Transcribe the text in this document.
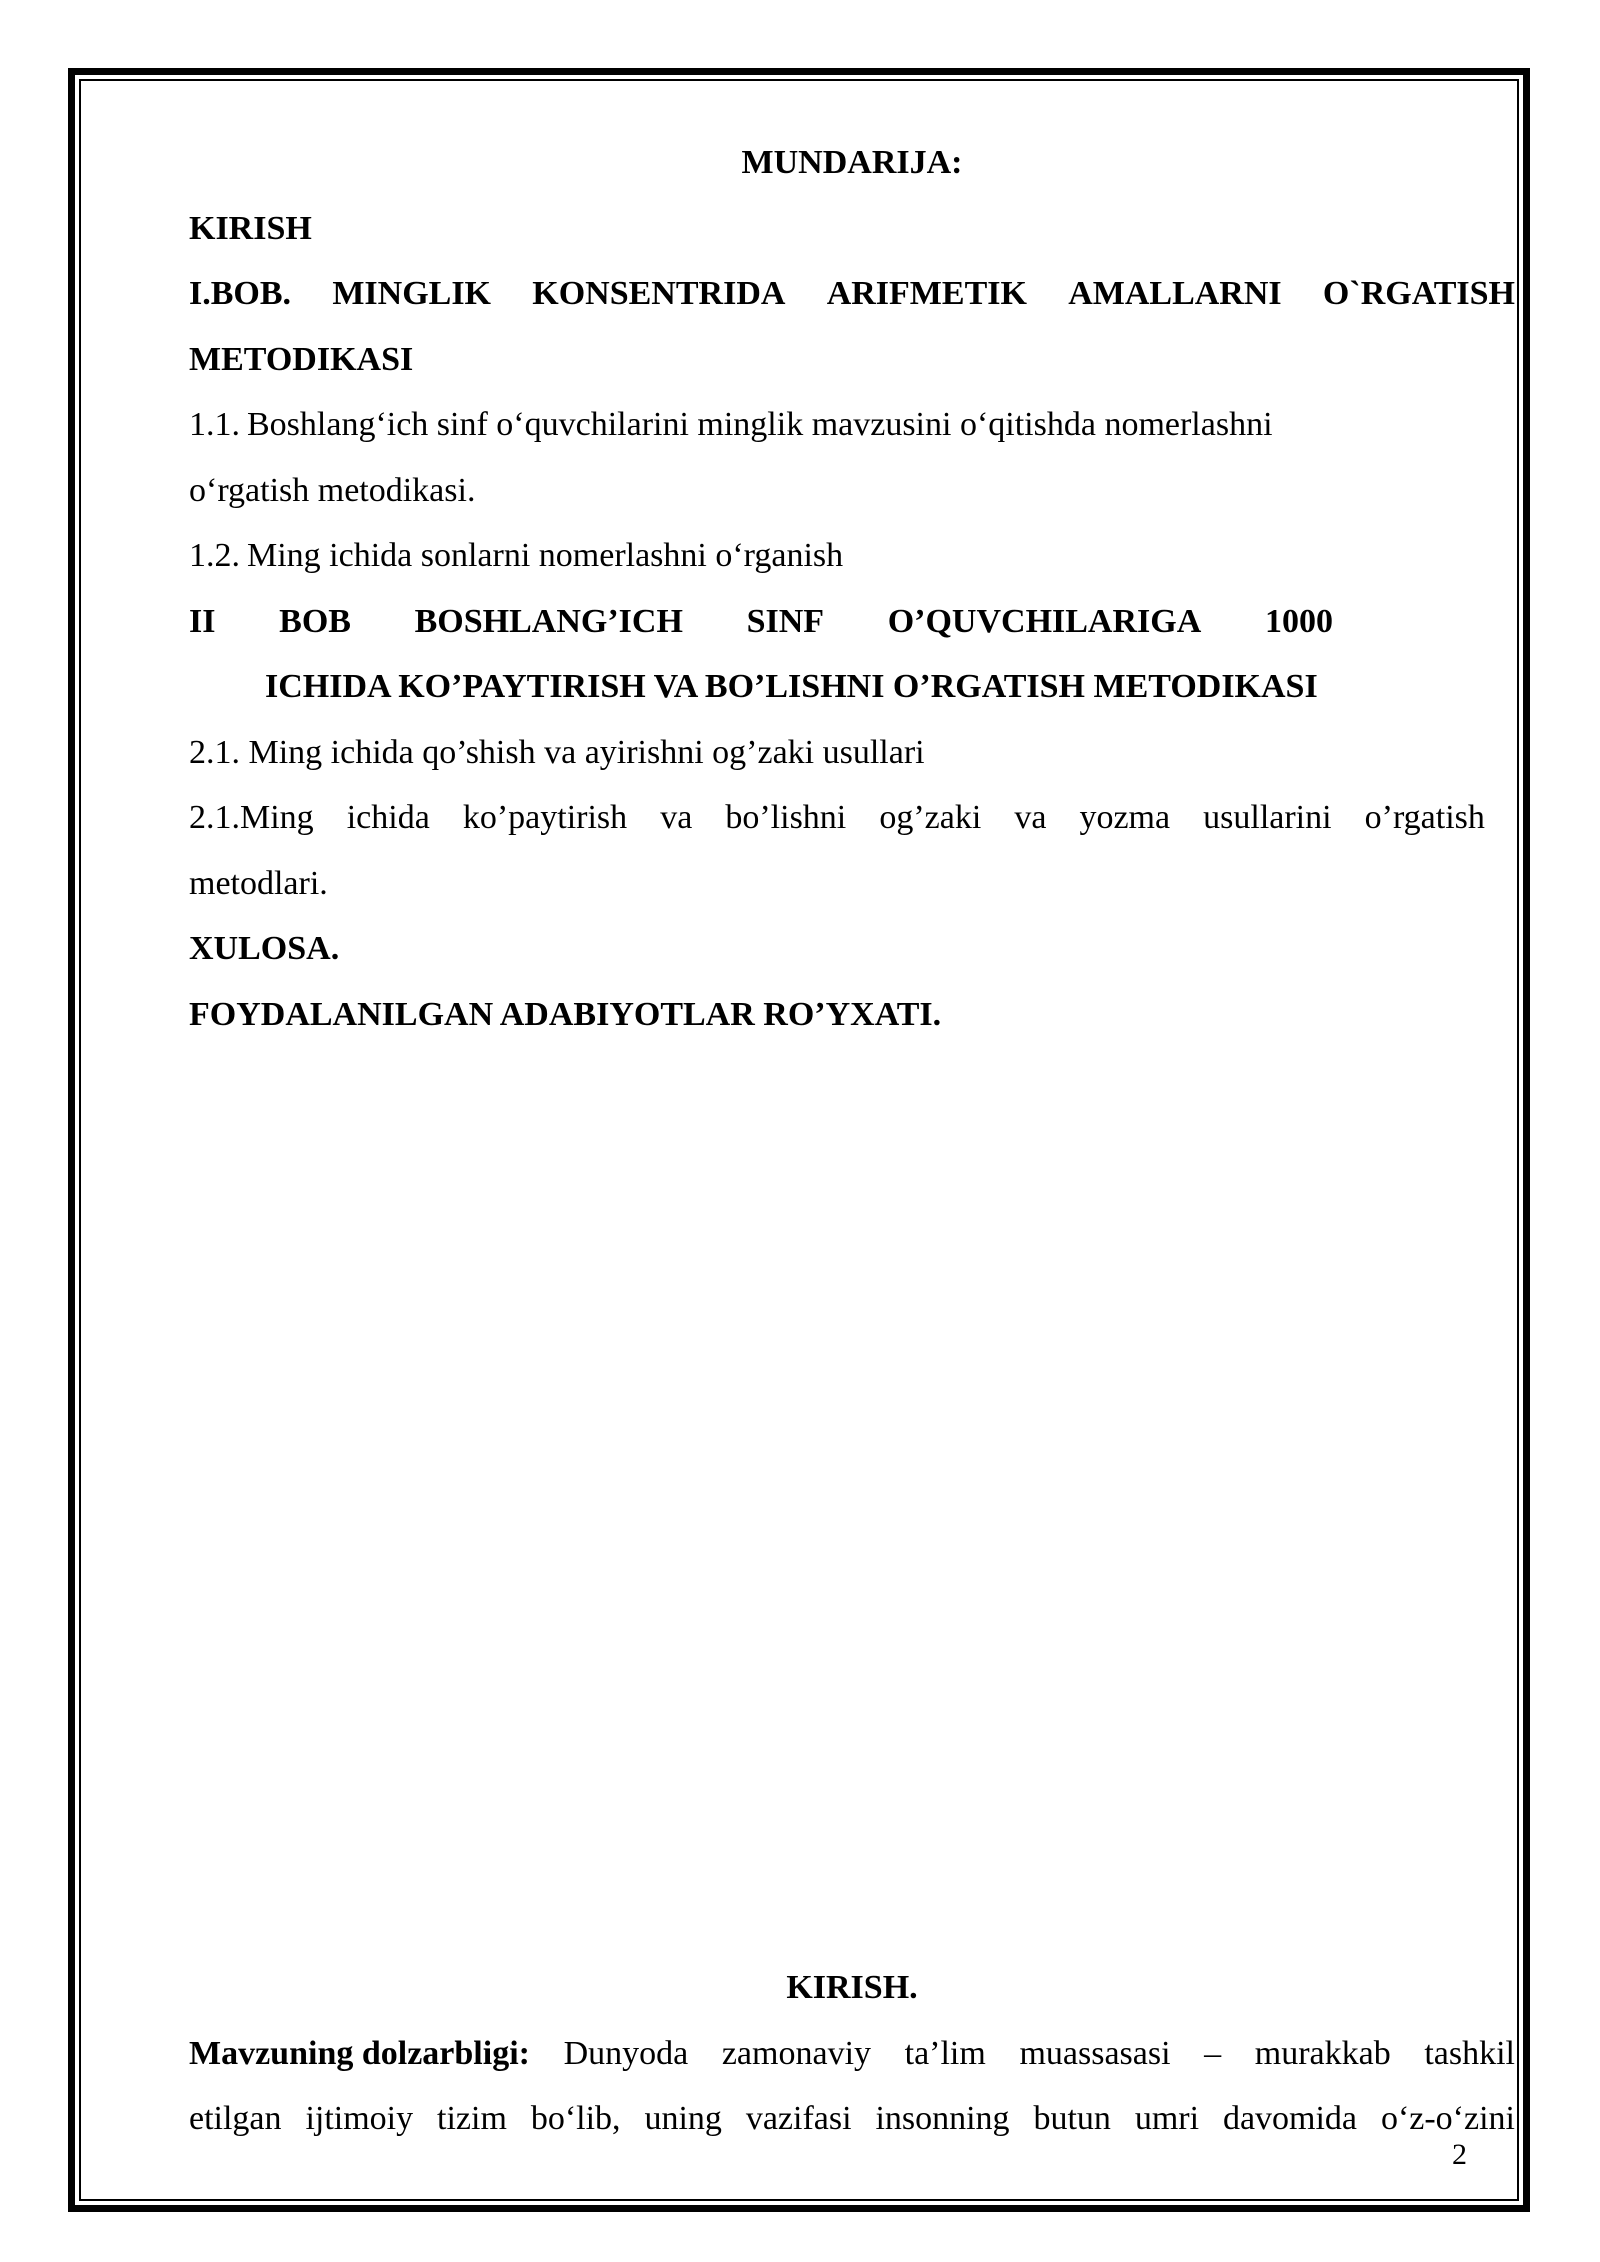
MUNDARIJA:
KIRISH
I.BOB. MINGLIK KONSENTRIDA ARIFMETIK AMALLARNI O`RGATISH
METODIKASI
1.1. Boshlang‘ich sinf o‘quvchilarini minglik mavzusini o‘qitishda nomerlashni
o‘rgatish metodikasi.
1.2. Ming ichida sonlarni nomerlashni o‘rganish
II BOB BOSHLANG’ICH SINF O’QUVCHILARIGA 1000
ICHIDA KO’PAYTIRISH VA BO’LISHNI O’RGATISH METODIKASI
2.1. Ming ichida qo’shish va ayirishni og’zaki usullari
2.1.Ming ichida ko’paytirish va bo’lishni og’zaki va yozma usullarini o’rgatish
metodlari.
XULOSA.
FOYDALANILGAN ADABIYOTLAR RO’YXATI.
KIRISH.
Mavzuning dolzarbligi: Dunyoda zamonaviy ta’lim muassasasi – murakkab tashkil
etilgan ijtimoiy tizim bo‘lib, uning vazifasi insonning butun umri davomida o‘z-o‘zini
2
